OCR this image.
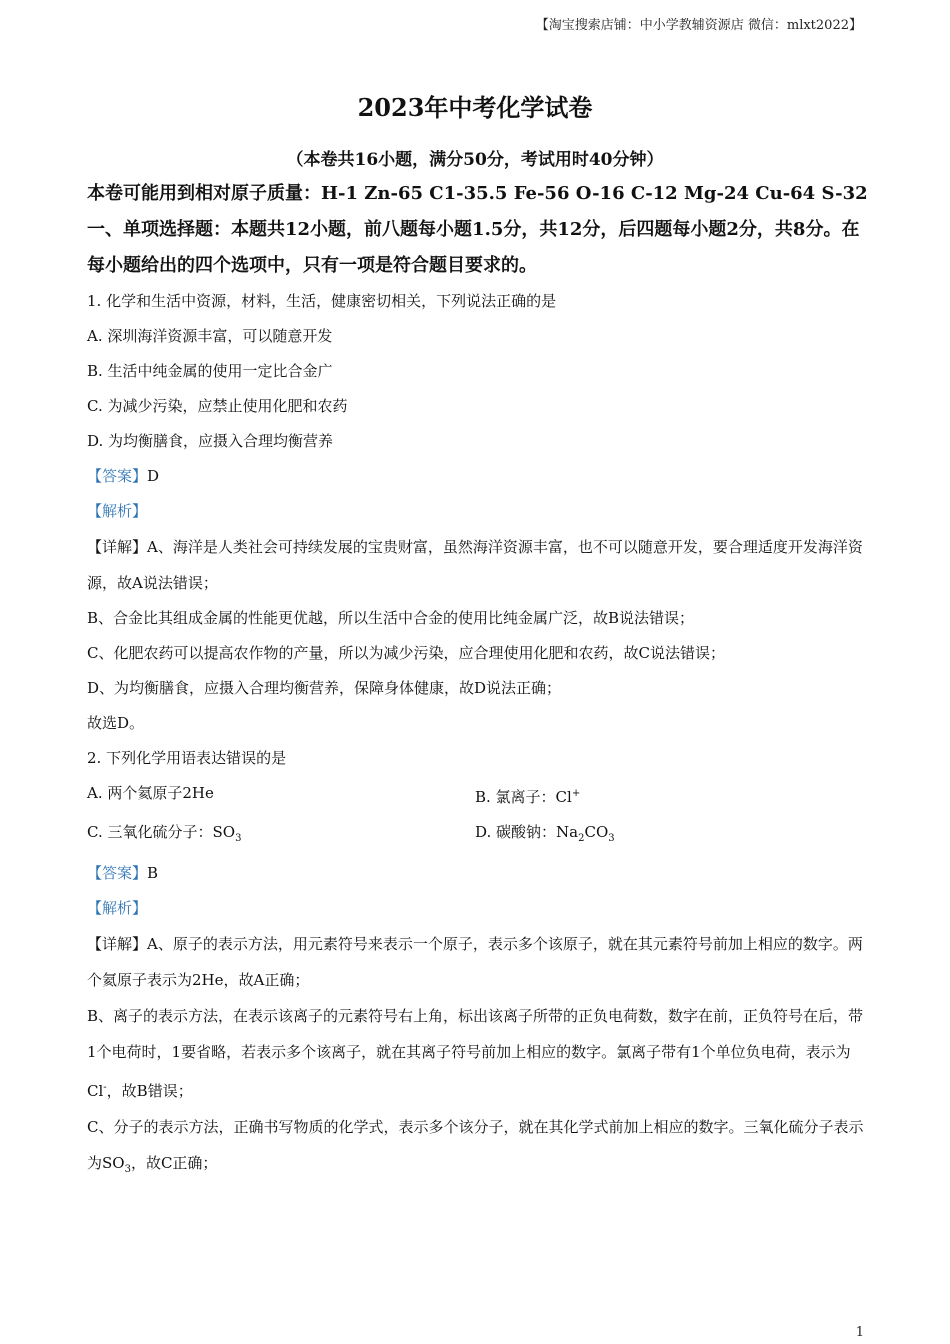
【淘宝搜索店铺：中小学教辅资源店 微信：mlxt2022】
2023年中考化学试卷
（本卷共16小题，满分50分，考试用时40分钟）
本卷可能用到相对原子质量：H-1 Zn-65 C1-35.5 Fe-56 O-16 C-12 Mg-24 Cu-64 S-32
一、单项选择题：本题共12小题，前八题每小题1.5分，共12分，后四题每小题2分，共8分。在每小题给出的四个选项中，只有一项是符合题目要求的。
1. 化学和生活中资源，材料，生活，健康密切相关，下列说法正确的是
A. 深圳海洋资源丰富，可以随意开发
B. 生活中纯金属的使用一定比合金广
C. 为减少污染，应禁止使用化肥和农药
D. 为均衡膳食，应摄入合理均衡营养
【答案】D
【解析】
【详解】A、海洋是人类社会可持续发展的宝贵财富，虽然海洋资源丰富，也不可以随意开发，要合理适度开发海洋资源，故A说法错误；
B、合金比其组成金属的性能更优越，所以生活中合金的使用比纯金属广泛，故B说法错误；
C、化肥农药可以提高农作物的产量，所以为减少污染，应合理使用化肥和农药，故C说法错误；
D、为均衡膳食，应摄入合理均衡营养，保障身体健康，故D说法正确；
故选D。
2. 下列化学用语表达错误的是
A. 两个氦原子2He	B. 氯离子：Cl+
C. 三氧化硫分子：$SO_3$	D. 碳酸钠：$Na_2CO_3$
【答案】B
【解析】
【详解】A、原子的表示方法，用元素符号来表示一个原子，表示多个该原子，就在其元素符号前加上相应的数字。两个氦原子表示为2He，故A正确；
B、离子的表示方法，在表示该离子的元素符号右上角，标出该离子所带的正负电荷数，数字在前，正负符号在后，带1个电荷时，1要省略，若表示多个该离子，就在其离子符号前加上相应的数字。氯离子带有1个单位负电荷，表示为Cl-，故B错误；
C、分子的表示方法，正确书写物质的化学式，表示多个该分子，就在其化学式前加上相应的数字。三氧化硫分子表示为$SO_3$，故C正确；
1
